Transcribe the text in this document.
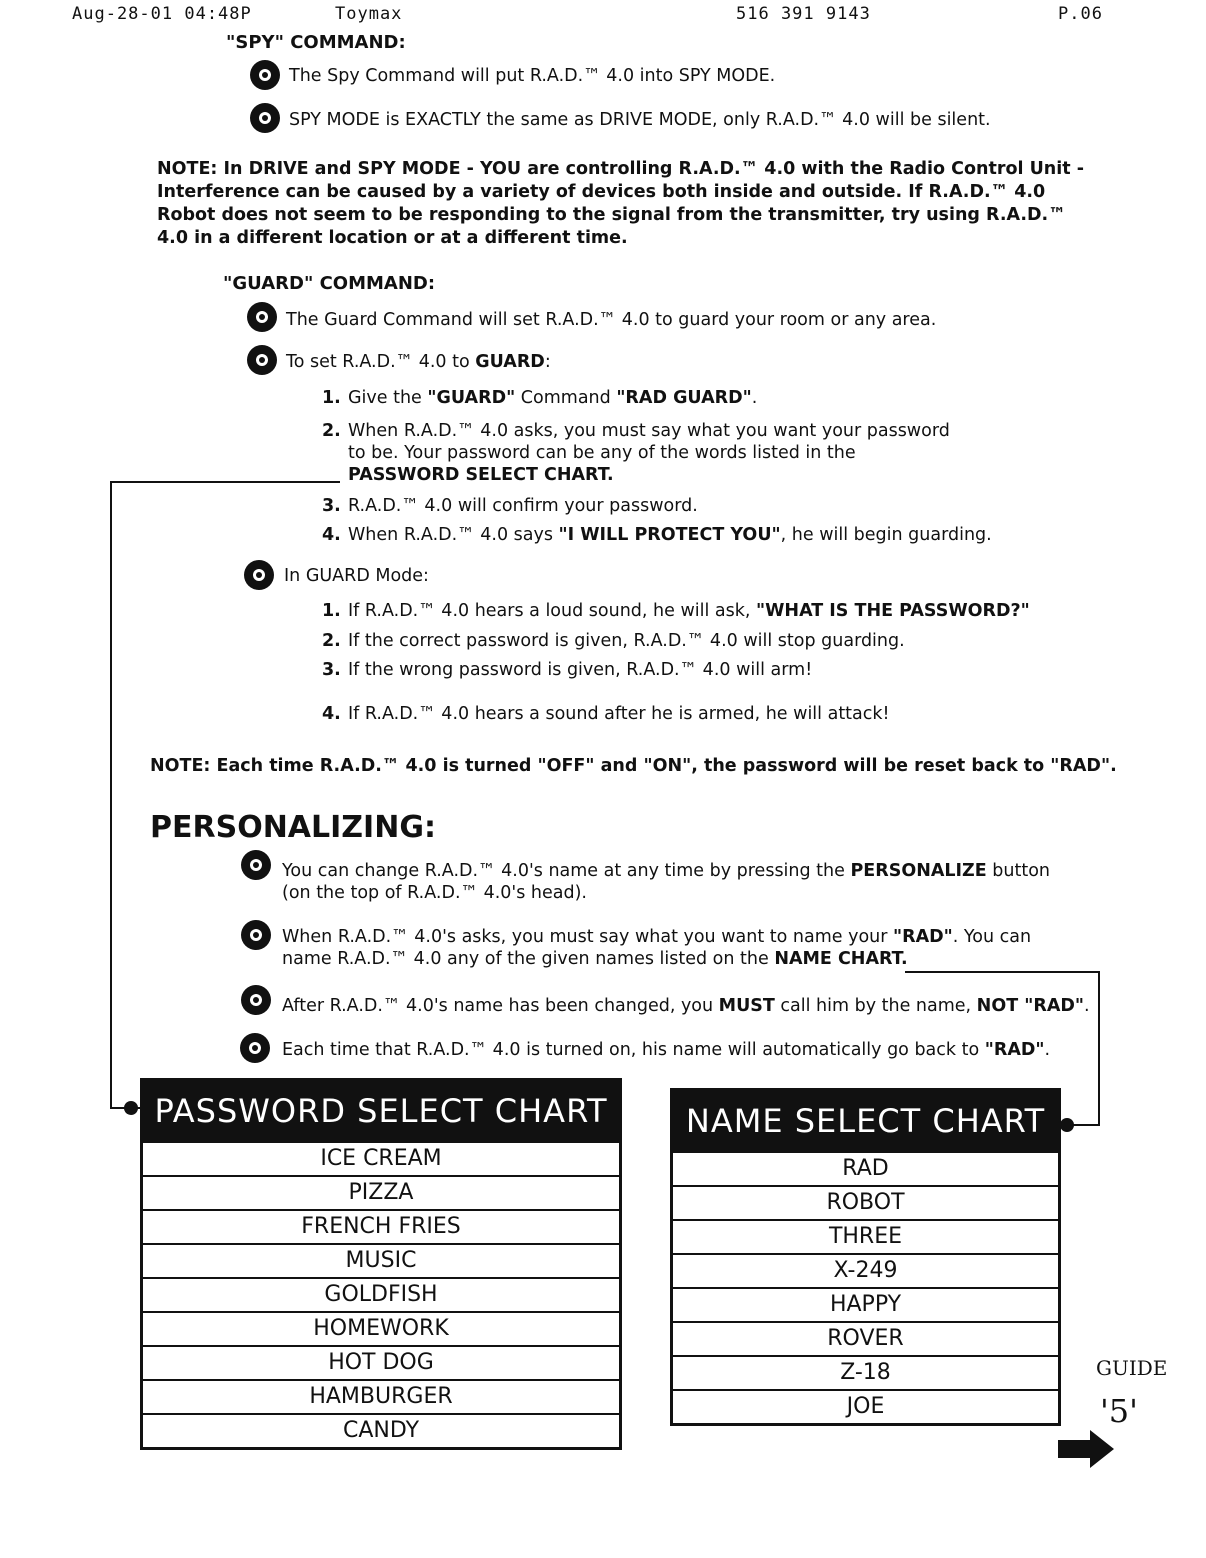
Aug-28-01 04:48P	Toymax	516 391 9143	P.06
"SPY" COMMAND:
The Spy Command will put R.A.D.™ 4.0 into SPY MODE.
SPY MODE is EXACTLY the same as DRIVE MODE, only R.A.D.™ 4.0 will be silent.
NOTE: In DRIVE and SPY MODE - YOU are controlling R.A.D.™ 4.0 with the Radio Control Unit - Interference can be caused by a variety of devices both inside and outside. If R.A.D.™ 4.0 Robot does not seem to be responding to the signal from the transmitter, try using R.A.D.™ 4.0 in a different location or at a different time.
"GUARD" COMMAND:
The Guard Command will set R.A.D.™ 4.0 to guard your room or any area.
To set R.A.D.™ 4.0 to GUARD:
1. Give the "GUARD" Command "RAD GUARD".
2. When R.A.D.™ 4.0 asks, you must say what you want your password
to be. Your password can be any of the words listed in the
PASSWORD SELECT CHART.
3. R.A.D.™ 4.0 will confirm your password.
4. When R.A.D.™ 4.0 says "I WILL PROTECT YOU", he will begin guarding.
In GUARD Mode:
1. If R.A.D.™ 4.0 hears a loud sound, he will ask, "WHAT IS THE PASSWORD?"
2. If the correct password is given, R.A.D.™ 4.0 will stop guarding.
3. If the wrong password is given, R.A.D.™ 4.0 will arm!
4. If R.A.D.™ 4.0 hears a sound after he is armed, he will attack!
NOTE: Each time R.A.D.™ 4.0 is turned "OFF" and "ON", the password will be reset back to "RAD".
PERSONALIZING:
You can change R.A.D.™ 4.0's name at any time by pressing the PERSONALIZE button
(on the top of R.A.D.™ 4.0's head).
When R.A.D.™ 4.0's asks, you must say what you want to name your "RAD". You can
name R.A.D.™ 4.0 any of the given names listed on the NAME CHART.
After R.A.D.™ 4.0's name has been changed, you MUST call him by the name, NOT "RAD".
Each time that R.A.D.™ 4.0 is turned on, his name will automatically go back to "RAD".
PASSWORD SELECT CHART
ICE CREAM
PIZZA
FRENCH FRIES
MUSIC
GOLDFISH
HOMEWORK
HOT DOG
HAMBURGER
CANDY
NAME SELECT CHART
RAD
ROBOT
THREE
X-249
HAPPY
ROVER
Z-18
JOE
GUIDE
'5'
